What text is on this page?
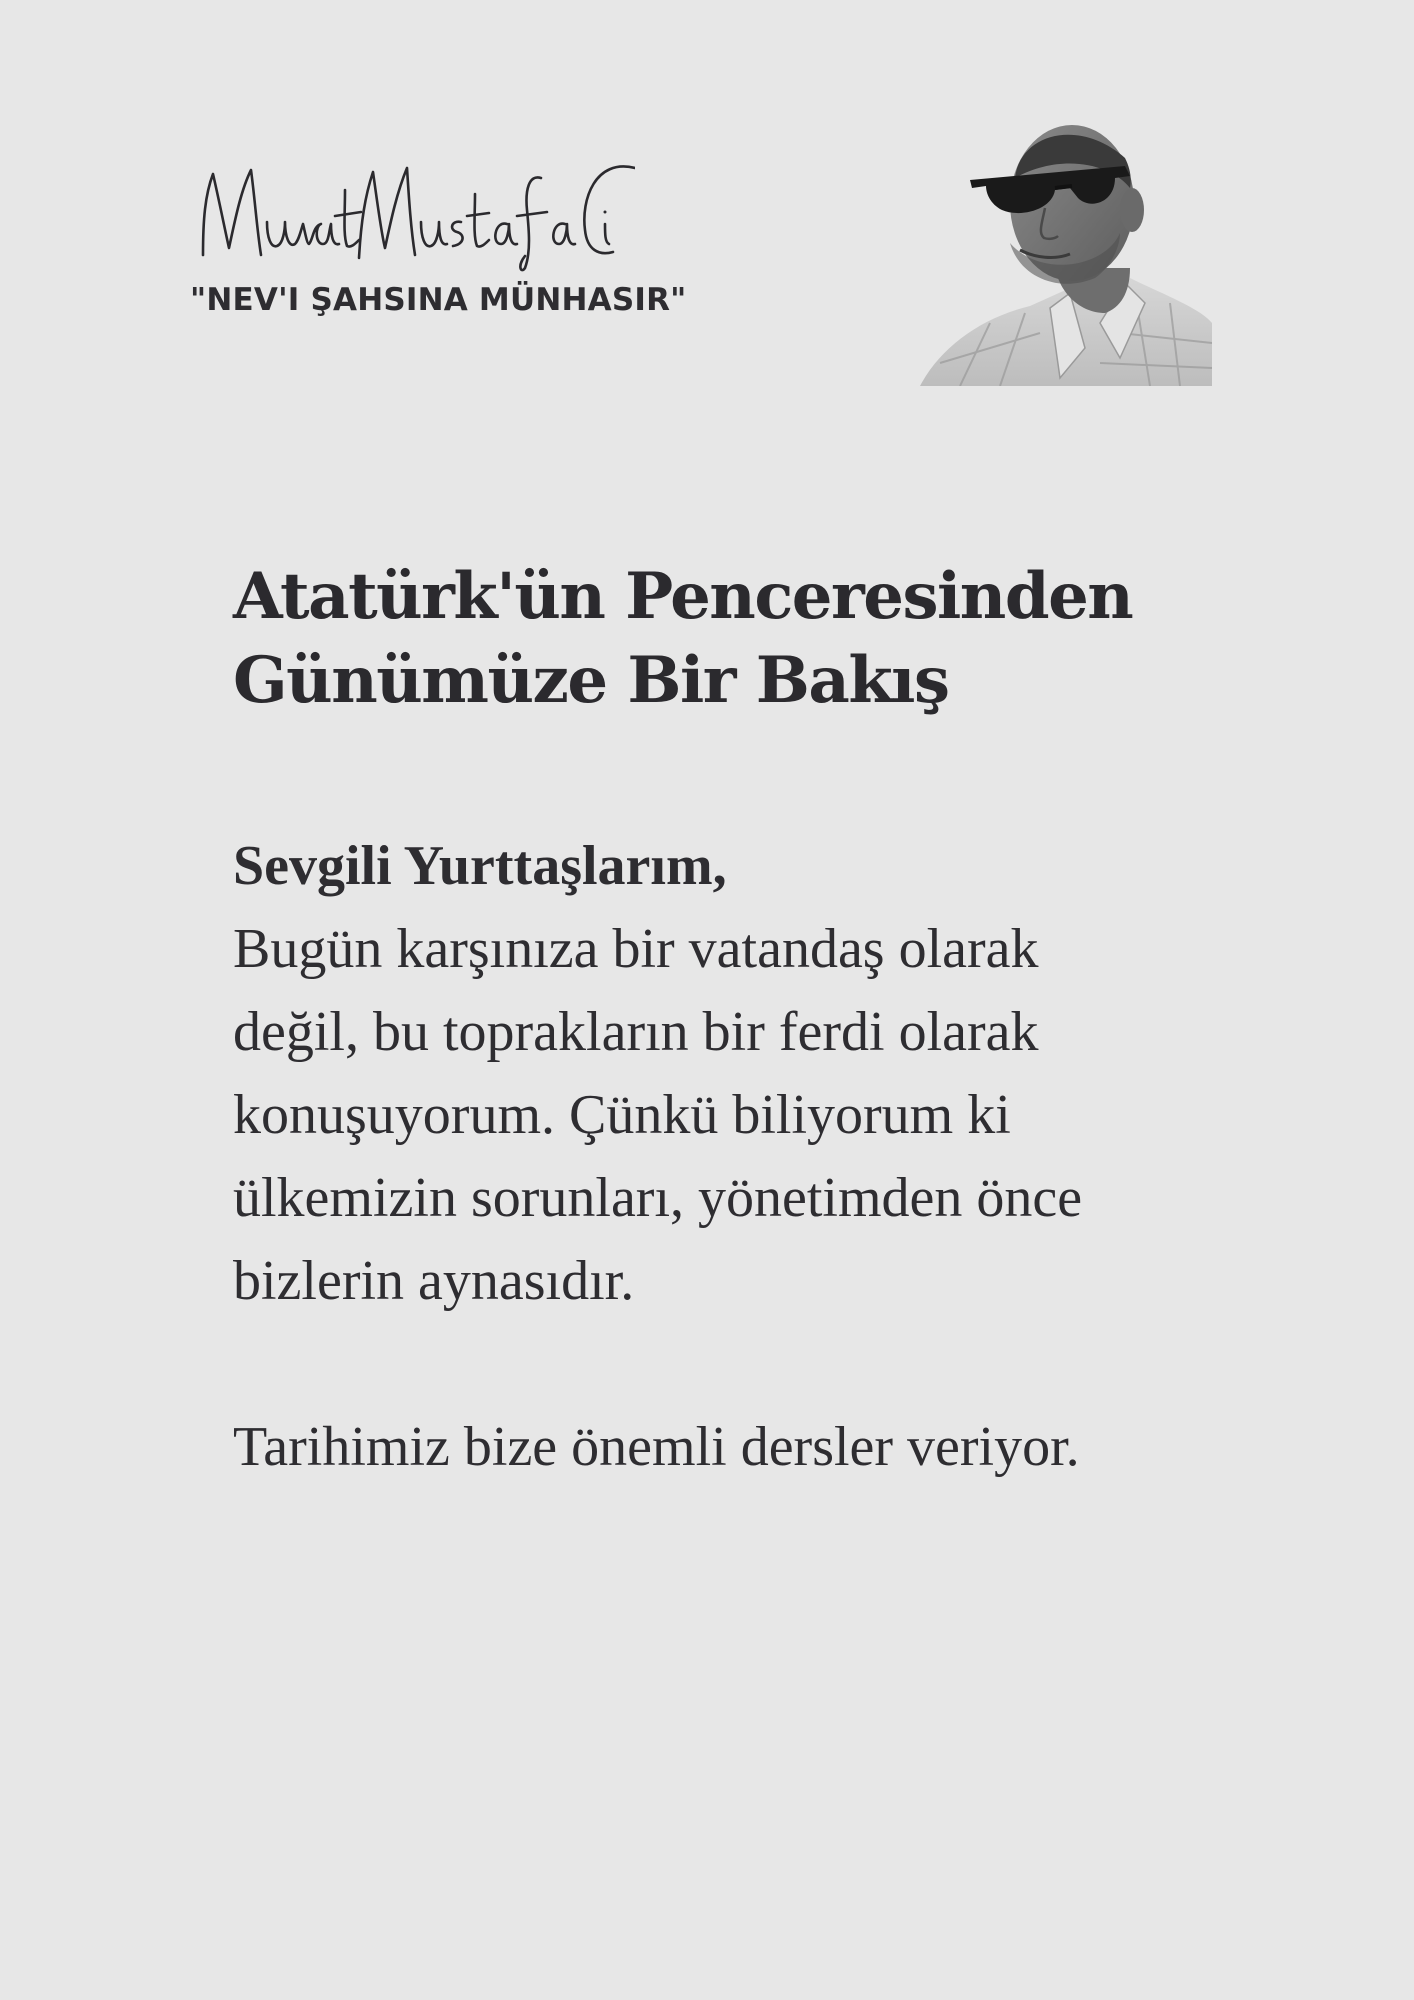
"NEV'I ŞAHSINA MÜNHASIR"
Atatürk'ün Penceresinden
Günümüze Bir Bakış
Sevgili Yurttaşlarım,

Bugün karşınıza bir vatandaş olarak değil, bu toprakların bir ferdi olarak konuşuyorum. Çünkü biliyorum ki ülkemizin sorunları, yönetimden önce bizlerin aynasıdır.

Tarihimiz bize önemli dersler veriyor.
